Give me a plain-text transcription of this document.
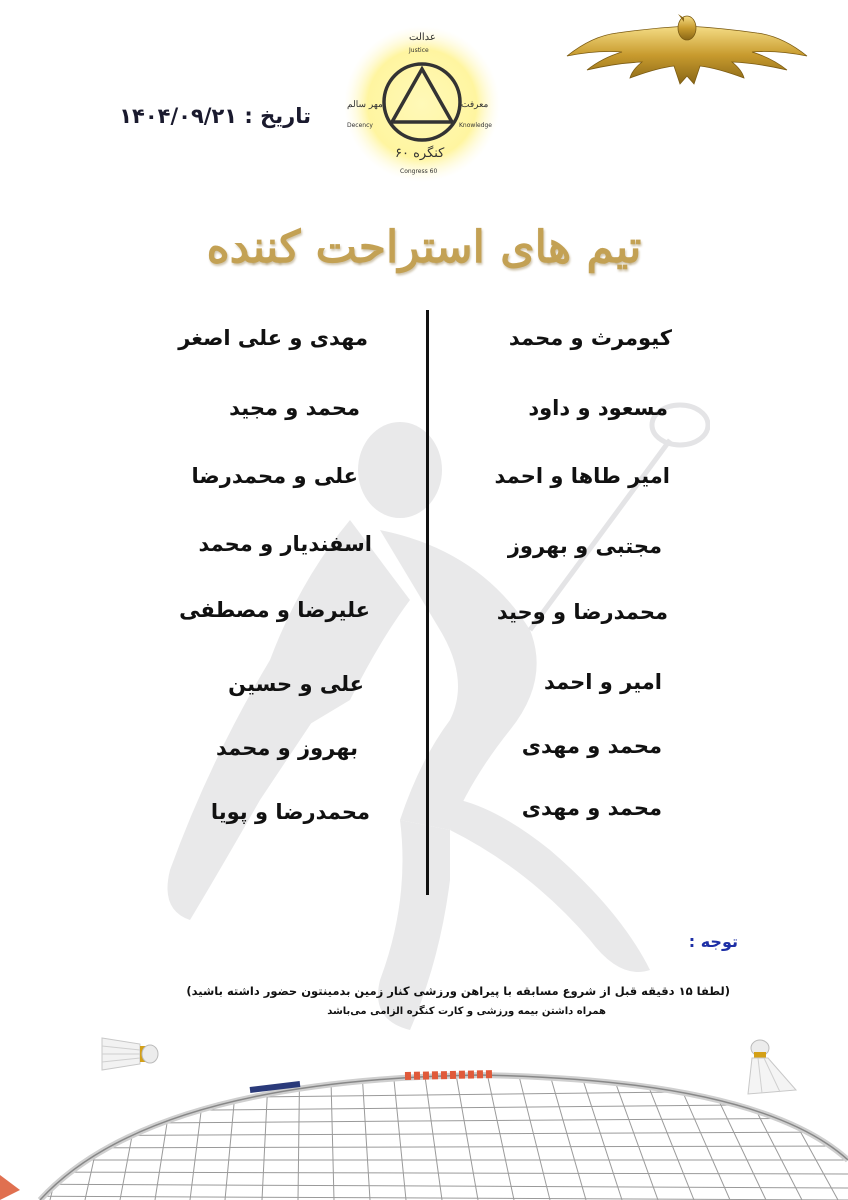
عدالت
Justice
مهر سالم
Decency
معرفت
Knowledge
کنگره ۶۰
Congress 60
تاریخ : ۱۴۰۴/۰۹/۲۱
تیم های استراحت کننده
کیومرث و محمد
مسعود و داود
امیر طاها و احمد
مجتبی و بهروز
محمدرضا و وحید
امیر و احمد
محمد و مهدی
محمد و مهدی
مهدی و علی اصغر
محمد و مجید
علی و محمدرضا
اسفندیار و محمد
علیرضا و مصطفی
علی و حسین
بهروز و محمد
محمدرضا و پویا
توجه :
(لطفا ۱۵ دقیقه قبل از شروع مسابقه با پیراهن ورزشی کنار زمین بدمینتون حضور داشته باشید)
همراه داشتن بیمه ورزشی و کارت کنگره الزامی می‌باشد
